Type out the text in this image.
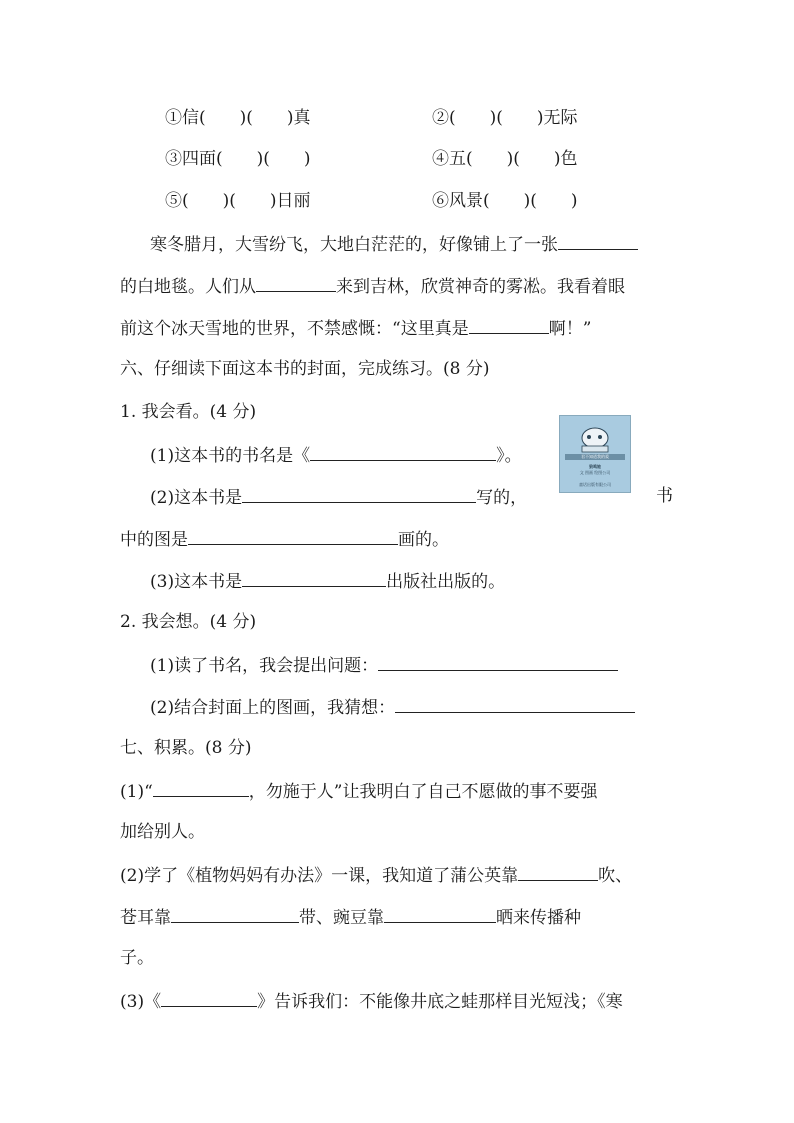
①信(　　)(　　)真	②(　　)(　　)无际
③四面(　　)(　　)	④五(　　)(　　)色
⑤(　　)(　　)日丽	⑥风景(　　)(　　)
寒冬腊月，大雪纷飞，大地白茫茫的，好像铺上了一张
的白地毯。人们从	来到吉林，欣赏神奇的雾凇。我看着眼
前这个冰天雪地的世界，不禁感慨：“这里真是	啊！”
六、仔细读下面这本书的封面，完成练习。(8 分)
1. 我会看。(4 分)
(1)这本书的书名是《	》。
(2)这本书是	写的，	书
中的图是	画的。
(3)这本书是	出版社出版的。
2. 我会想。(4 分)
(1)读了书名，我会提出问题：
(2)结合封面上的图画，我猜想：
君不知道我的爱
狼鸣她
文 图画 绘图公司
童话出版有限公司
七、积累。(8 分)
(1)“	，勿施于人”让我明白了自己不愿做的事不要强
加给别人。
(2)学了《植物妈妈有办法》一课，我知道了蒲公英靠	吹、
苍耳靠	带、豌豆靠	晒来传播种
子。
(3)《	》告诉我们：不能像井底之蛙那样目光短浅；《寒
